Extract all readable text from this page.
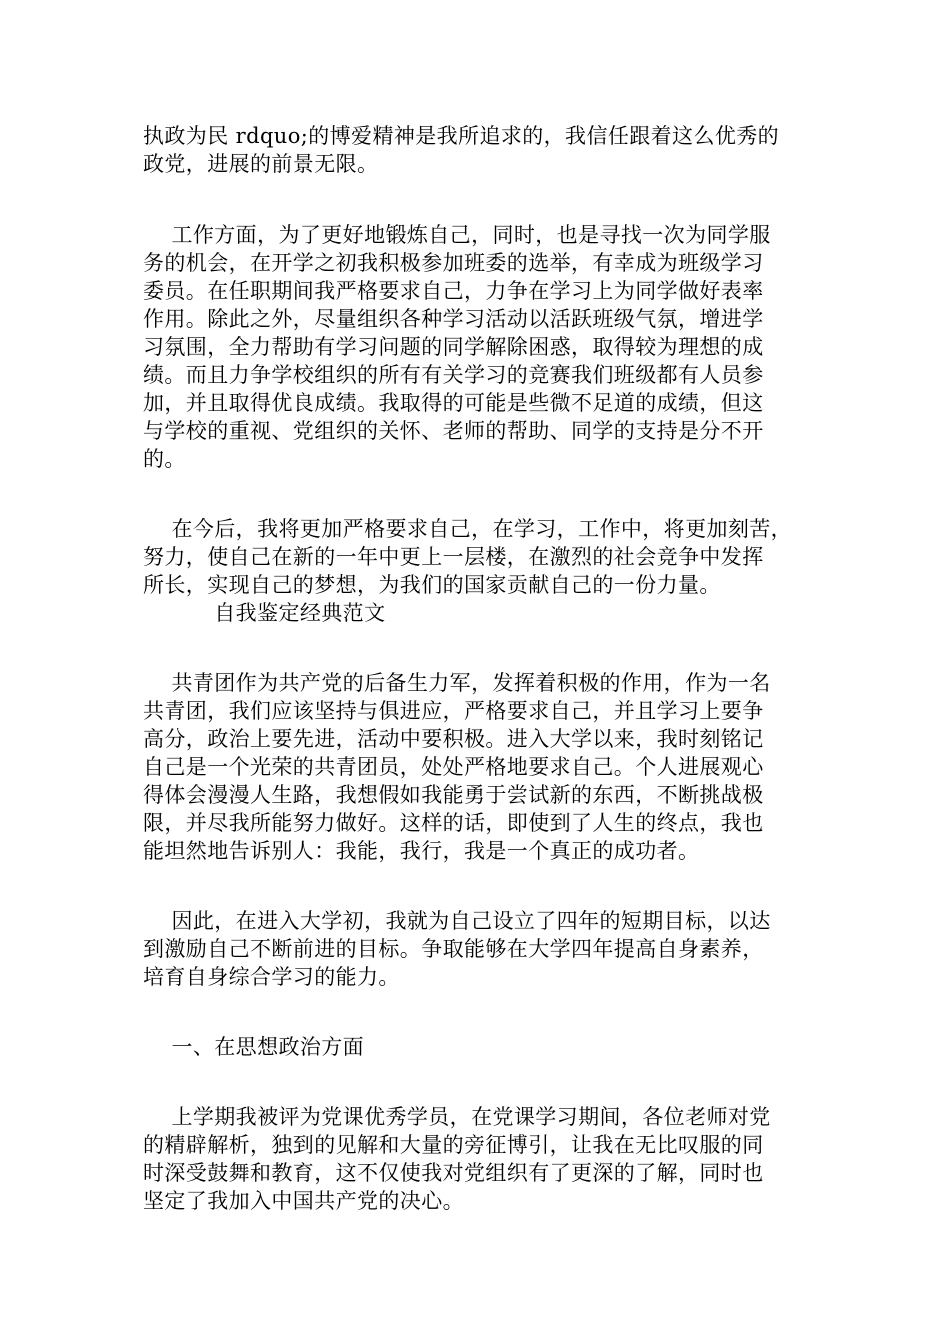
执政为民 rdquo;的博爱精神是我所追求的，我信任跟着这么优秀的
政党，进展的前景无限。
　 工作方面，为了更好地锻炼自己，同时，也是寻找一次为同学服
务的机会，在开学之初我积极参加班委的选举，有幸成为班级学习
委员。在任职期间我严格要求自己，力争在学习上为同学做好表率
作用。除此之外，尽量组织各种学习活动以活跃班级气氛，增进学
习氛围，全力帮助有学习问题的同学解除困惑，取得较为理想的成
绩。而且力争学校组织的所有有关学习的竞赛我们班级都有人员参
加，并且取得优良成绩。我取得的可能是些微不足道的成绩，但这
与学校的重视、党组织的关怀、老师的帮助、同学的支持是分不开
的。
　 在今后，我将更加严格要求自己，在学习，工作中，将更加刻苦，
努力，使自己在新的一年中更上一层楼，在激烈的社会竞争中发挥
所长，实现自己的梦想，为我们的国家贡献自己的一份力量。
　　　 自我鉴定经典范文
　 共青团作为共产党的后备生力军，发挥着积极的作用，作为一名
共青团，我们应该坚持与俱进应，严格要求自己，并且学习上要争
高分，政治上要先进，活动中要积极。进入大学以来，我时刻铭记
自己是一个光荣的共青团员，处处严格地要求自己。个人进展观心
得体会漫漫人生路，我想假如我能勇于尝试新的东西，不断挑战极
限，并尽我所能努力做好。这样的话，即使到了人生的终点，我也
能坦然地告诉别人：我能，我行，我是一个真正的成功者。
　 因此，在进入大学初，我就为自己设立了四年的短期目标，以达
到激励自己不断前进的目标。争取能够在大学四年提高自身素养，
培育自身综合学习的能力。
　 一、在思想政治方面
　 上学期我被评为党课优秀学员，在党课学习期间，各位老师对党
的精辟解析，独到的见解和大量的旁征博引，让我在无比叹服的同
时深受鼓舞和教育，这不仅使我对党组织有了更深的了解，同时也
坚定了我加入中国共产党的决心。
